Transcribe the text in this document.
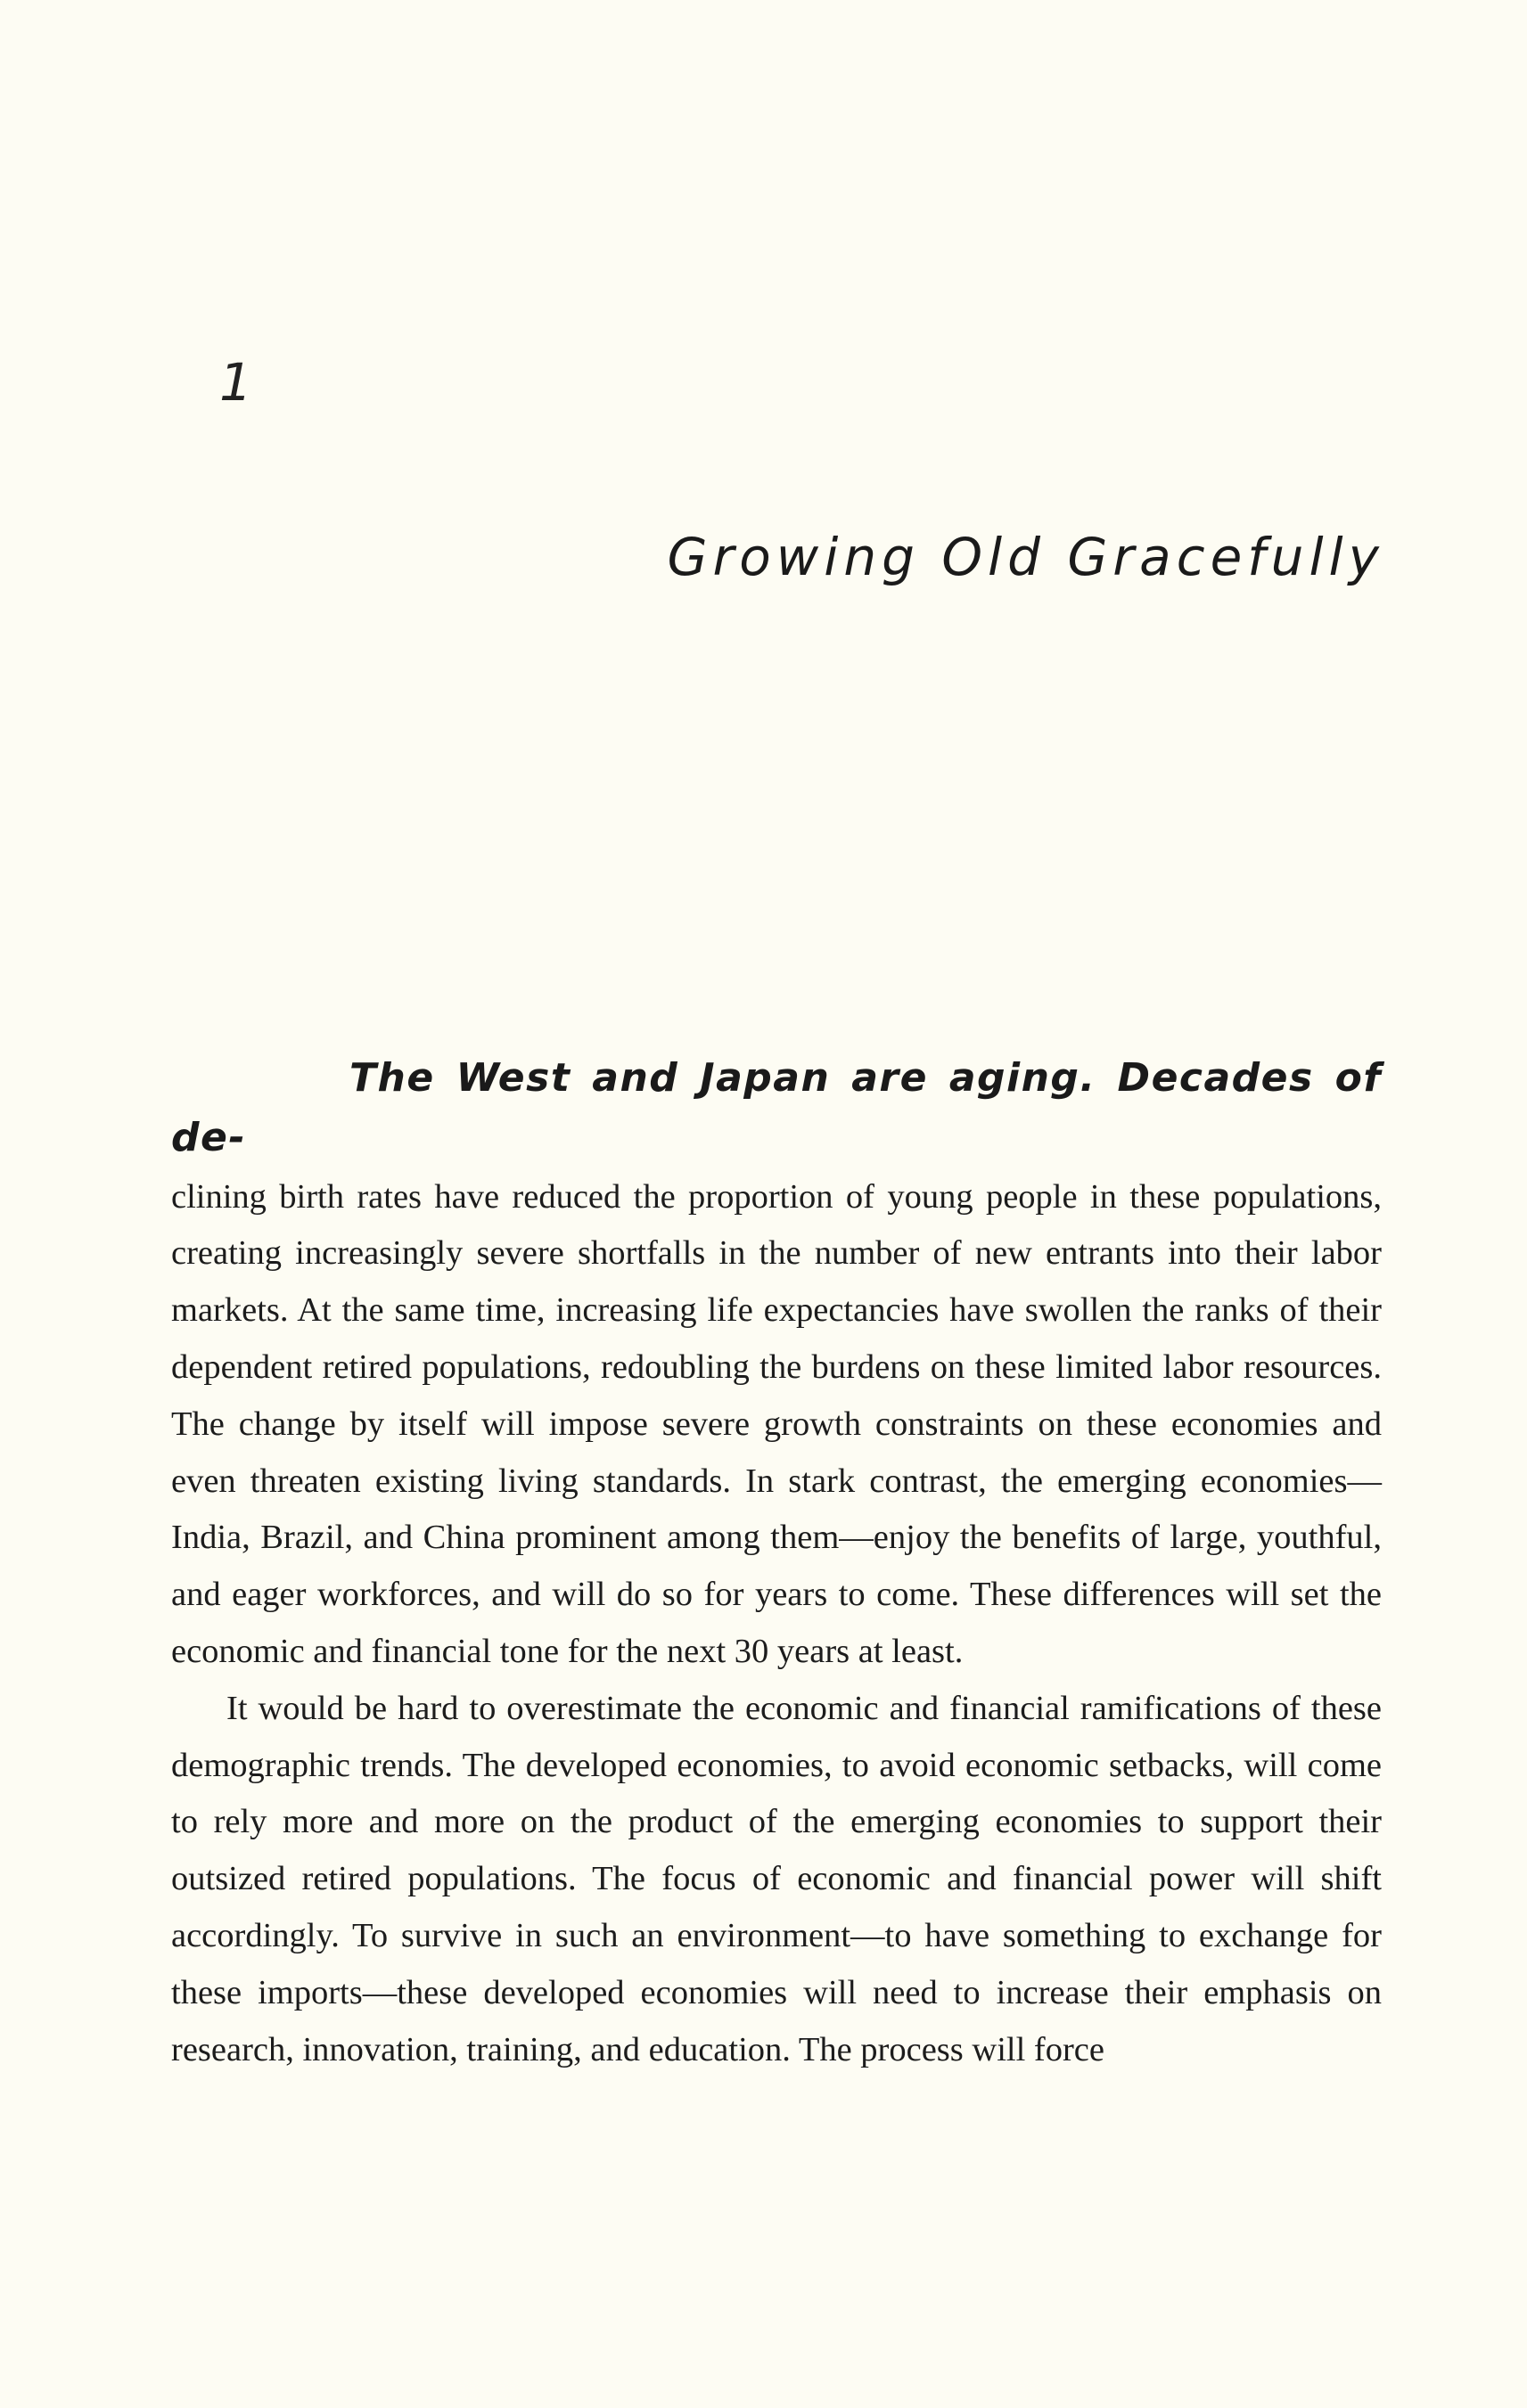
1
Growing Old Gracefully

The West and Japan are aging. Decades of de-
clining birth rates have reduced the proportion of young people in these populations, creating increasingly severe shortfalls in the number of new entrants into their labor markets. At the same time, increasing life expectancies have swollen the ranks of their dependent retired populations, redoubling the burdens on these limited labor resources. The change by itself will impose severe growth constraints on these economies and even threaten existing living standards. In stark contrast, the emerging economies—India, Brazil, and China prominent among them—enjoy the benefits of large, youthful, and eager workforces, and will do so for years to come. These differences will set the economic and financial tone for the next 30 years at least.

It would be hard to overestimate the economic and financial ramifications of these demographic trends. The developed economies, to avoid economic setbacks, will come to rely more and more on the product of the emerging economies to support their outsized retired populations. The focus of economic and financial power will shift accordingly. To survive in such an environment—to have something to exchange for these imports—these developed economies will need to increase their emphasis on research, innovation, training, and education. The process will force
